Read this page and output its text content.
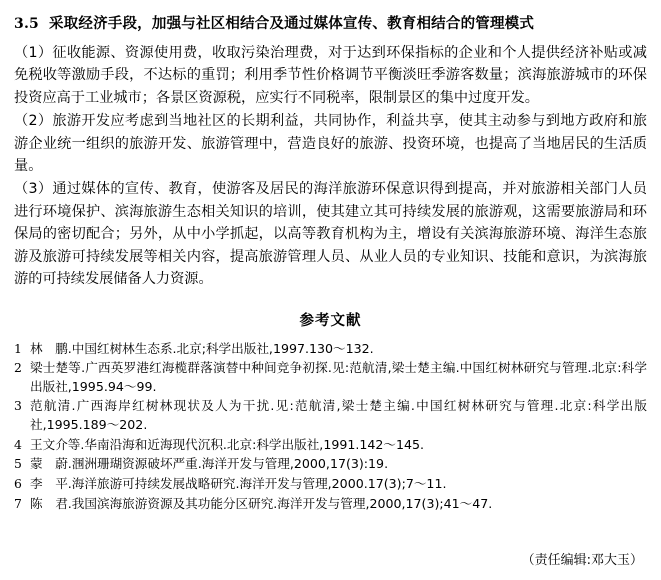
3.5 采取经济手段，加强与社区相结合及通过媒体宣传、教育相结合的管理模式

（1）征收能源、资源使用费，收取污染治理费，对于达到环保指标的企业和个人提供经济补贴或减免税收等激励手段，不达标的重罚；利用季节性价格调节平衡淡旺季游客数量；滨海旅游城市的环保投资应高于工业城市；各景区资源税，应实行不同税率，限制景区的集中过度开发。

（2）旅游开发应考虑到当地社区的长期利益，共同协作，利益共享，使其主动参与到地方政府和旅游企业统一组织的旅游开发、旅游管理中，营造良好的旅游、投资环境，也提高了当地居民的生活质量。

（3）通过媒体的宣传、教育，使游客及居民的海洋旅游环保意识得到提高，并对旅游相关部门人员进行环境保护、滨海旅游生态相关知识的培训，使其建立其可持续发展的旅游观，这需要旅游局和环保局的密切配合；另外，从中小学抓起，以高等教育机构为主，增设有关滨海旅游环境、海洋生态旅游及旅游可持续发展等相关内容，提高旅游管理人员、从业人员的专业知识、技能和意识，为滨海旅游的可持续发展储备人力资源。

参考文献
1 林　鹏.中国红树林生态系.北京;科学出版社,1997.130～132.
2 梁士楚等.广西英罗港红海榄群落演替中种间竞争初探.见:范航清,梁士楚主编.中国红树林研究与管理.北京:科学出版社,1995.94～99.
3 范航清.广西海岸红树林现状及人为干扰.见:范航清,梁士楚主编.中国红树林研究与管理.北京:科学出版社,1995.189～202.
4 王文介等.华南沿海和近海现代沉积.北京:科学出版社,1991.142～145.
5 蒙　蔚.涠洲珊瑚资源破坏严重.海洋开发与管理,2000,17(3):19.
6 李　平.海洋旅游可持续发展战略研究.海洋开发与管理,2000.17(3);7～11.
7 陈　君.我国滨海旅游资源及其功能分区研究.海洋开发与管理,2000,17(3);41～47.
（责任编辑:邓大玉）
